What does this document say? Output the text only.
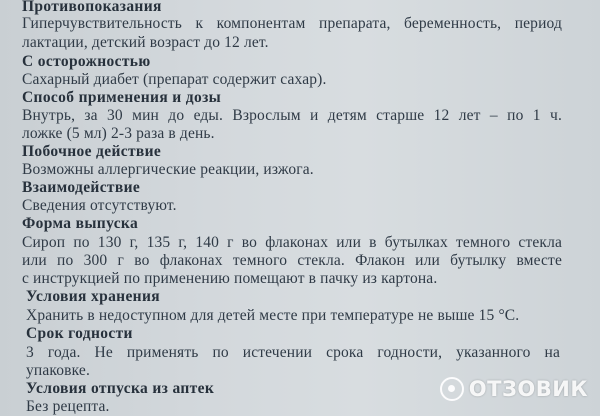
Противопоказания
Гиперчувствительность к компонентам препарата, беременность, период
лактации, детский возраст до 12 лет.
С осторожностью
Сахарный диабет (препарат содержит сахар).
Способ применения и дозы
Внутрь, за 30 мин до еды. Взрослым и детям старше 12 лет – по 1 ч.
ложке (5 мл) 2-3 раза в день.
Побочное действие
Возможны аллергические реакции, изжога.
Взаимодействие
Сведения отсутствуют.
Форма выпуска
Сироп по 130 г, 135 г, 140 г во флаконах или в бутылках темного стекла
или по 300 г во флаконах темного стекла. Флакон или бутылку вместе
с инструкцией по применению помещают в пачку из картона.
Условия хранения
Хранить в недоступном для детей месте при температуре не выше 15 °С.
Срок годности
3 года. Не применять по истечении срока годности, указанного на
упаковке.
Условия отпуска из аптек
Без рецепта.
ОТЗОВИК
